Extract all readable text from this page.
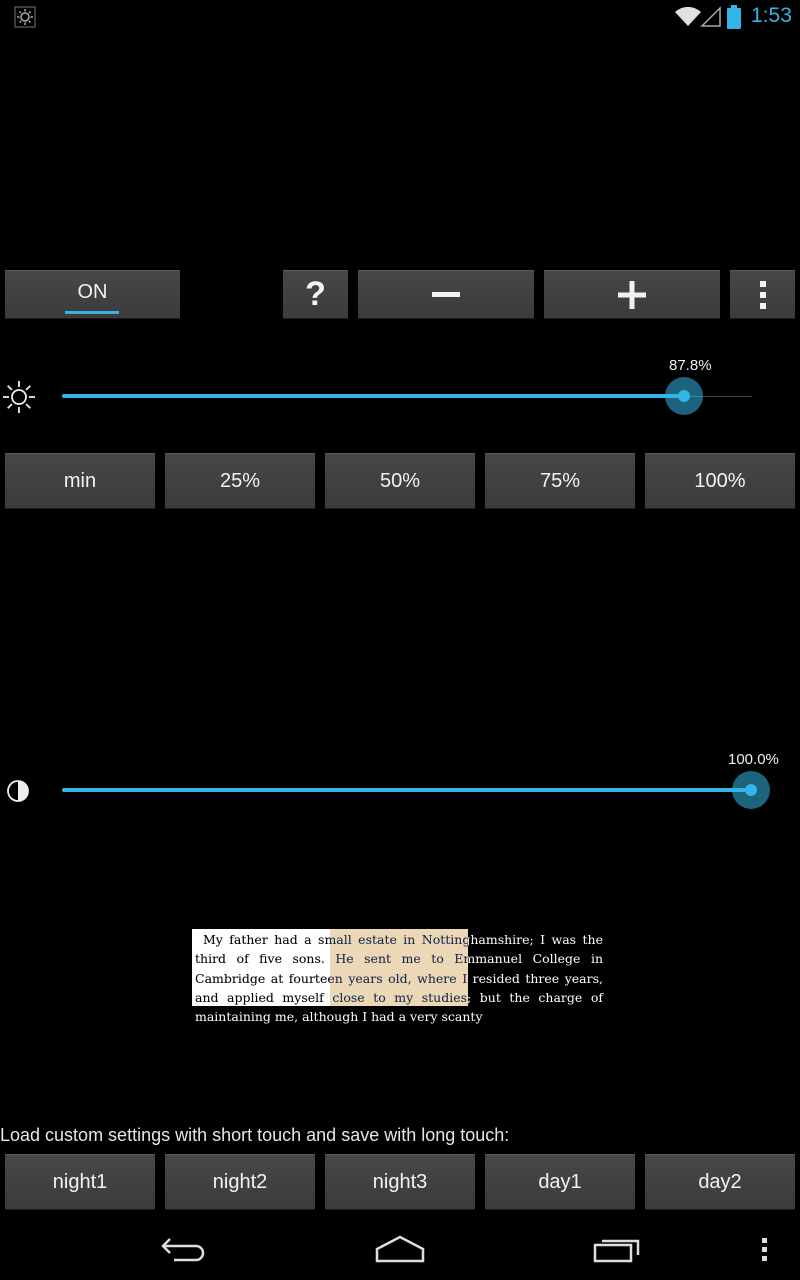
1:53
ON	?
87.8%
min	25%	50%	75%	100%
100.0%
My father had a small estate in Nottinghamshire; I was the third of five sons. He sent me to Emmanuel College in Cambridge at fourteen years old, where I resided three years, and applied myself close to my studies; but the charge of maintaining me, although I had a very scanty
Load custom settings with short touch and save with long touch:
night1	night2	night3	day1	day2
